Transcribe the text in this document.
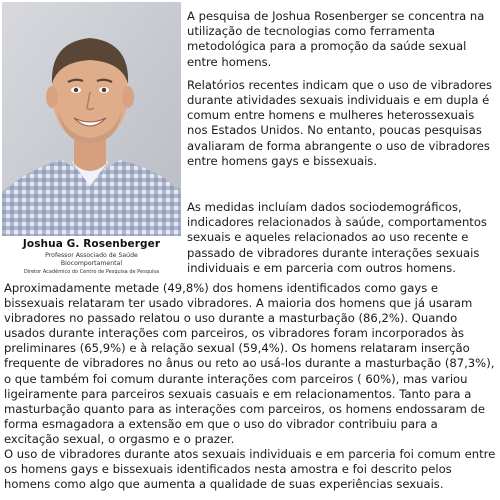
Joshua G. Rosenberger
Professor Associado de Saúde
Biocomportamental
Diretor Acadêmico do Centro de Pesquisa de Pesquisa

A pesquisa de Joshua Rosenberger se concentra na utilização de tecnologias como ferramenta metodológica para a promoção da saúde sexual entre homens.

Relatórios recentes indicam que o uso de vibradores durante atividades sexuais individuais e em dupla é comum entre homens e mulheres heterossexuais nos Estados Unidos. No entanto, poucas pesquisas avaliaram de forma abrangente o uso de vibradores entre homens gays e bissexuais.

As medidas incluíam dados sociodemográficos, indicadores relacionados à saúde, comportamentos sexuais e aqueles relacionados ao uso recente e passado de vibradores durante interações sexuais individuais e em parceria com outros homens.

Aproximadamente metade (49,8%) dos homens identificados como gays e bissexuais relataram ter usado vibradores. A maioria dos homens que já usaram vibradores no passado relatou o uso durante a masturbação (86,2%). Quando usados durante interações com parceiros, os vibradores foram incorporados às preliminares (65,9%) e à relação sexual (59,4%). Os homens relataram inserção frequente de vibradores no ânus ou reto ao usá-los durante a masturbação (87,3%), o que também foi comum durante interações com parceiros ( 60%), mas variou ligeiramente para parceiros sexuais casuais e em relacionamentos. Tanto para a masturbação quanto para as interações com parceiros, os homens endossaram de forma esmagadora a extensão em que o uso do vibrador contribuiu para a excitação sexual, o orgasmo e o prazer.

O uso de vibradores durante atos sexuais individuais e em parceria foi comum entre os homens gays e bissexuais identificados nesta amostra e foi descrito pelos homens como algo que aumenta a qualidade de suas experiências sexuais.
